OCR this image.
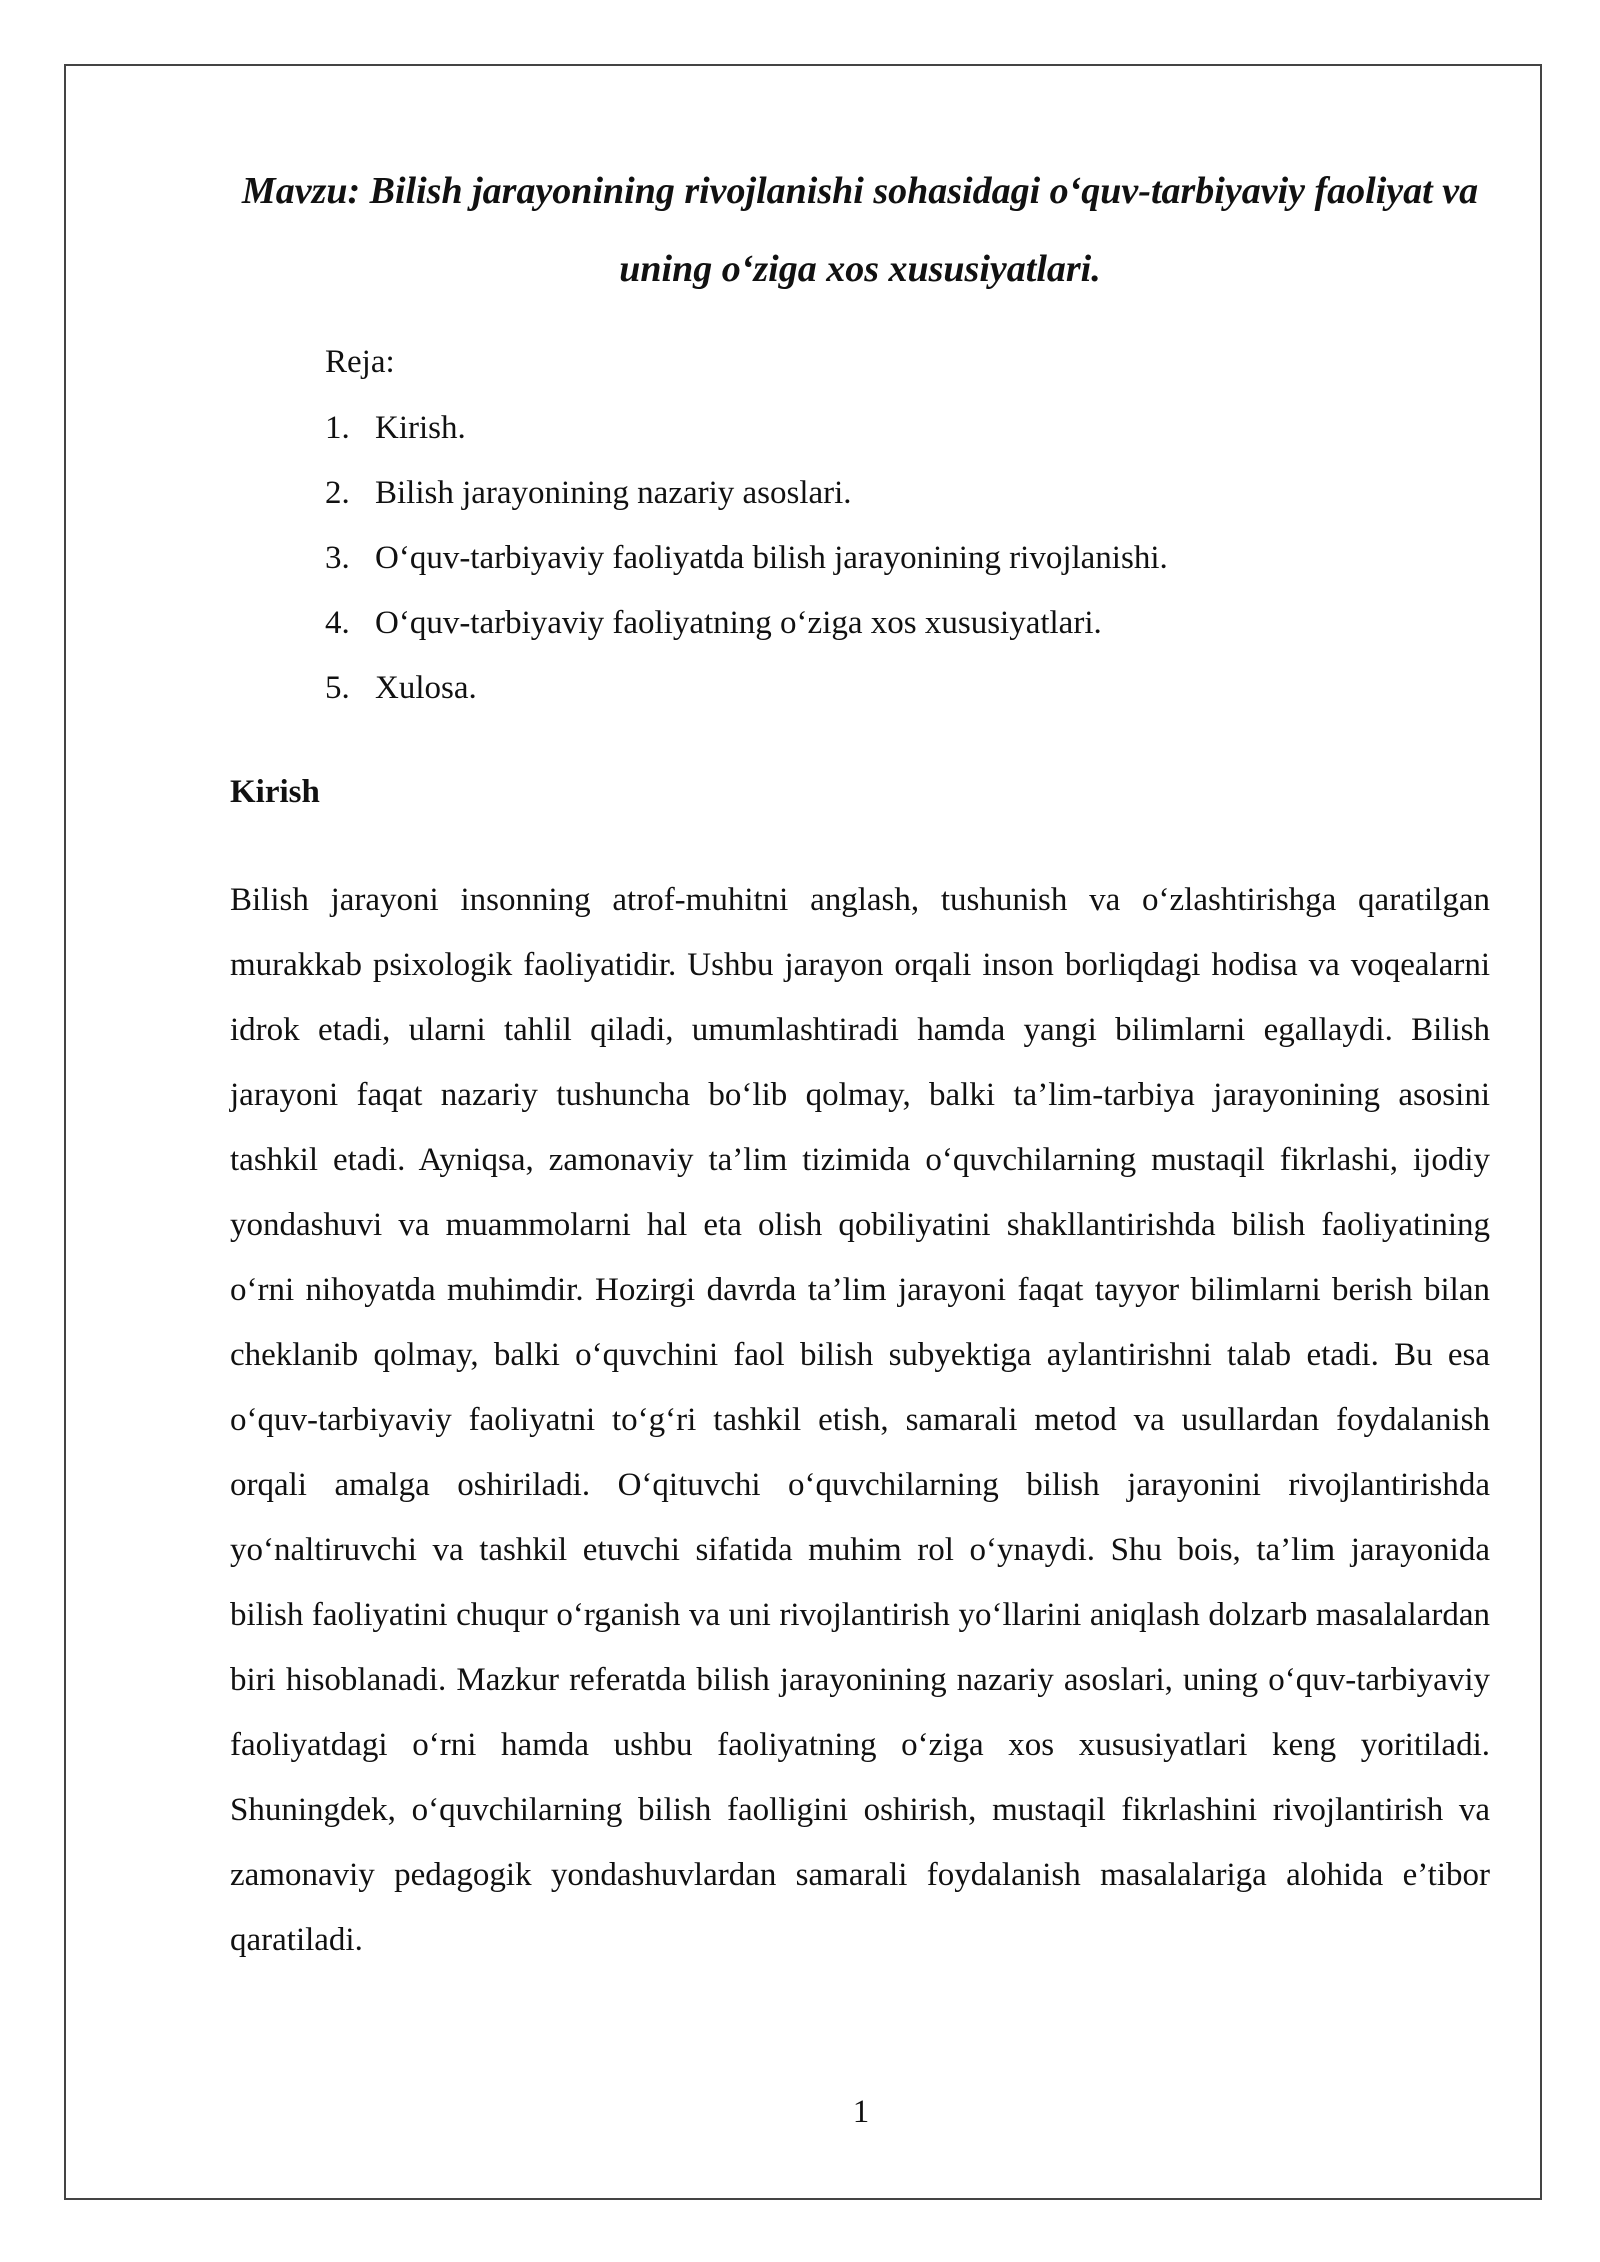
Mavzu: Bilish jarayonining rivojlanishi sohasidagi o‘quv-tarbiyaviy faoliyat va uning o‘ziga xos xususiyatlari.
Reja:
1. Kirish.
2. Bilish jarayonining nazariy asoslari.
3. O‘quv-tarbiyaviy faoliyatda bilish jarayonining rivojlanishi.
4. O‘quv-tarbiyaviy faoliyatning o‘ziga xos xususiyatlari.
5. Xulosa.
Kirish

Bilish jarayoni insonning atrof-muhitni anglash, tushunish va o‘zlashtirishga qaratilgan murakkab psixologik faoliyatidir. Ushbu jarayon orqali inson borliqdagi hodisa va voqealarni idrok etadi, ularni tahlil qiladi, umumlashtiradi hamda yangi bilimlarni egallaydi. Bilish jarayoni faqat nazariy tushuncha bo‘lib qolmay, balki ta’lim-tarbiya jarayonining asosini tashkil etadi. Ayniqsa, zamonaviy ta’lim tizimida o‘quvchilarning mustaqil fikrlashi, ijodiy yondashuvi va muammolarni hal eta olish qobiliyatini shakllantirishda bilish faoliyatining o‘rni nihoyatda muhimdir. Hozirgi davrda ta’lim jarayoni faqat tayyor bilimlarni berish bilan cheklanib qolmay, balki o‘quvchini faol bilish subyektiga aylantirishni talab etadi. Bu esa o‘quv-tarbiyaviy faoliyatni to‘g‘ri tashkil etish, samarali metod va usullardan foydalanish orqali amalga oshiriladi. O‘qituvchi o‘quvchilarning bilish jarayonini rivojlantirishda yo‘naltiruvchi va tashkil etuvchi sifatida muhim rol o‘ynaydi. Shu bois, ta’lim jarayonida bilish faoliyatini chuqur o‘rganish va uni rivojlantirish yo‘llarini aniqlash dolzarb masalalardan biri hisoblanadi. Mazkur referatda bilish jarayonining nazariy asoslari, uning o‘quv-tarbiyaviy faoliyatdagi o‘rni hamda ushbu faoliyatning o‘ziga xos xususiyatlari keng yoritiladi. Shuningdek, o‘quvchilarning bilish faolligini oshirish, mustaqil fikrlashini rivojlantirish va zamonaviy pedagogik yondashuvlardan samarali foydalanish masalalariga alohida e’tibor qaratiladi.

1
